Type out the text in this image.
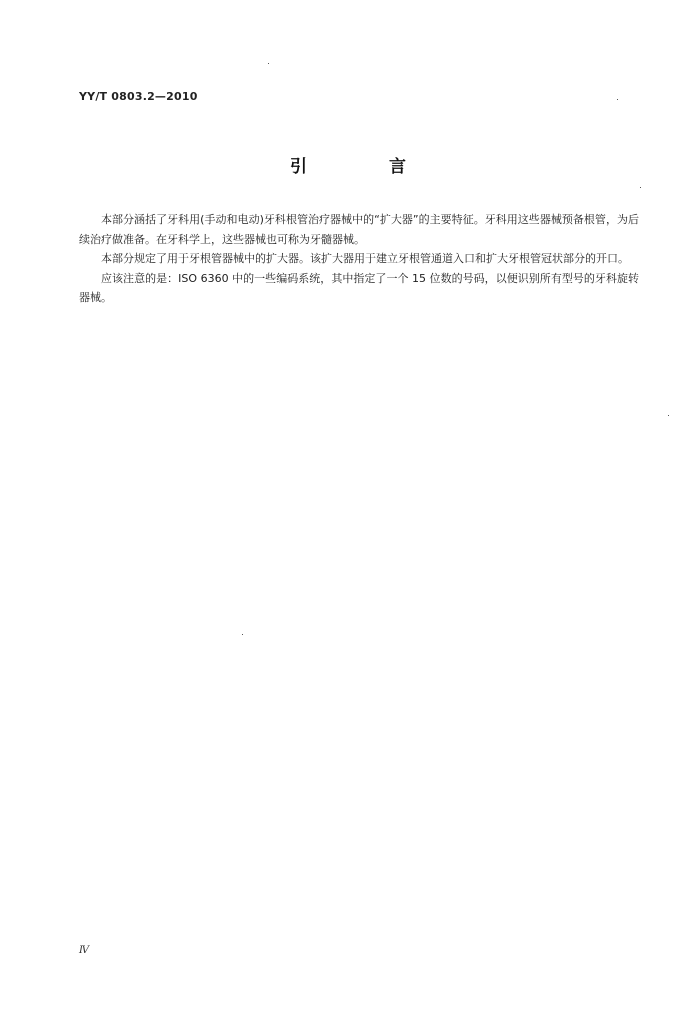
YY/T 0803.2—2010
引 言

本部分涵括了牙科用(手动和电动)牙科根管治疗器械中的“扩大器”的主要特征。牙科用这些器械预备根管，为后续治疗做准备。在牙科学上，这些器械也可称为牙髓器械。

本部分规定了用于牙根管器械中的扩大器。该扩大器用于建立牙根管通道入口和扩大牙根管冠状部分的开口。

应该注意的是：ISO 6360 中的一些编码系统，其中指定了一个 15 位数的号码，以便识别所有型号的牙科旋转器械。

Ⅳ
